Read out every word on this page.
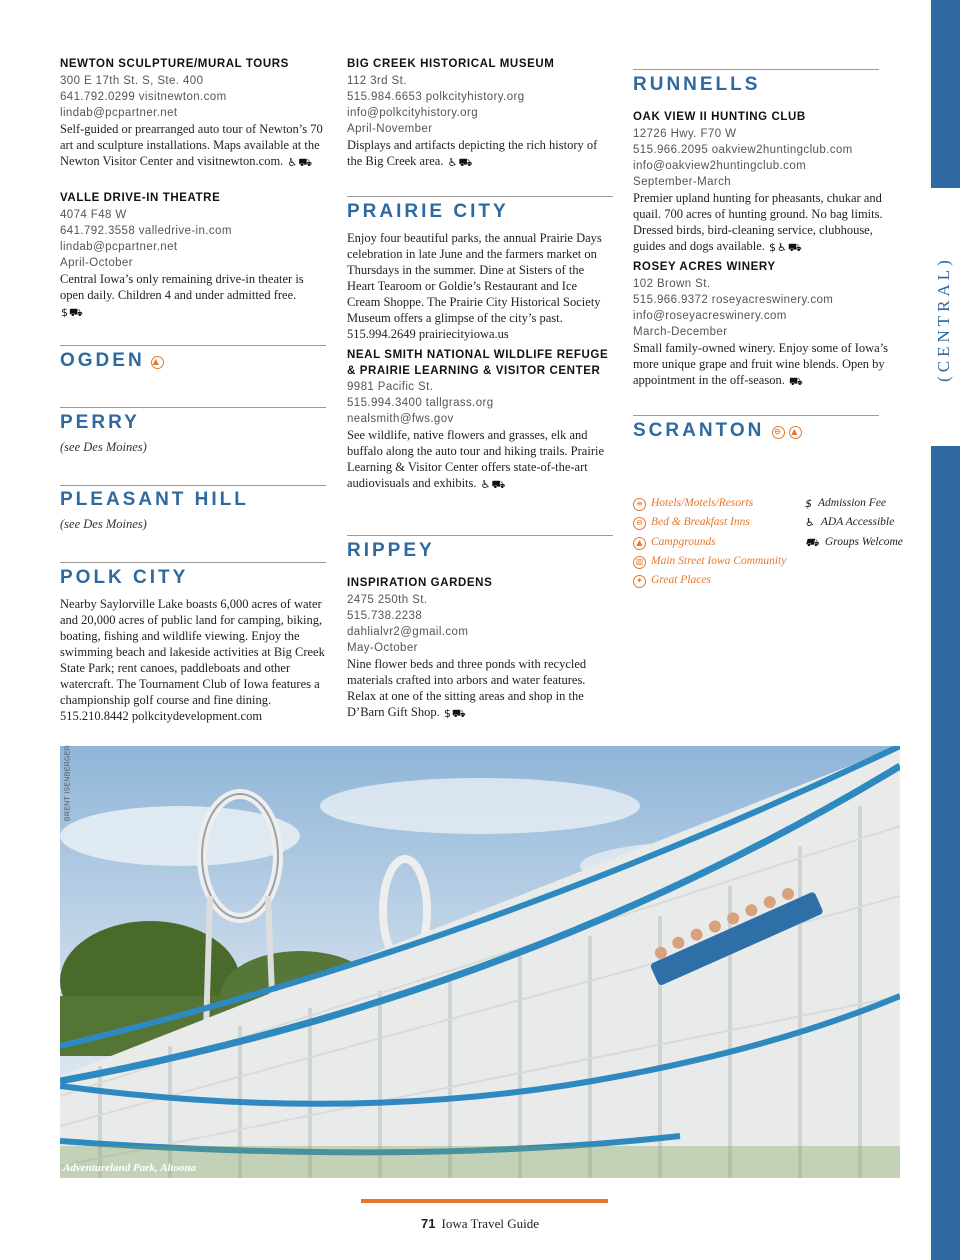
NEWTON SCULPTURE/MURAL TOURS

300 E 17th St. S, Ste. 400

641.792.0299 visitnewton.com

lindab@pcpartner.net

Self-guided or prearranged auto tour of Newton’s 70 art and sculpture installations. Maps available at the Newton Visitor Center and visitnewton.com. ♿⛟

VALLE DRIVE-IN THEATRE

4074 F48 W

641.792.3558 valledrive-in.com

lindab@pcpartner.net

April-October

Central Iowa’s only remaining drive-in theater is open daily. Children 4 and under admitted free.

$⛟

OGDEN ▲

PERRY

(see Des Moines)

PLEASANT HILL

(see Des Moines)

POLK CITY

Nearby Saylorville Lake boasts 6,000 acres of water and 20,000 acres of public land for camping, biking, boating, fishing and wildlife viewing. Enjoy the swimming beach and lakeside activities at Big Creek State Park; rent canoes, paddleboats and other watercraft. The Tournament Club of Iowa features a championship golf course and fine dining. 515.210.8442 polkcitydevelopment.com

BIG CREEK HISTORICAL MUSEUM

112 3rd St.

515.984.6653 polkcityhistory.org

info@polkcityhistory.org

April-November

Displays and artifacts depicting the rich history of the Big Creek area. ♿⛟

PRAIRIE CITY

Enjoy four beautiful parks, the annual Prairie Days celebration in late June and the farmers market on Thursdays in the summer. Dine at Sisters of the Heart Tearoom or Goldie’s Restaurant and Ice Cream Shoppe. The Prairie City Historical Society Museum offers a glimpse of the city’s past. 515.994.2649 prairiecityiowa.us

NEAL SMITH NATIONAL WILDLIFE REFUGE & PRAIRIE LEARNING & VISITOR CENTER

9981 Pacific St.

515.994.3400 tallgrass.org

nealsmith@fws.gov

See wildlife, native flowers and grasses, elk and buffalo along the auto tour and hiking trails. Prairie Learning & Visitor Center offers state-of-the-art audiovisuals and exhibits. ♿⛟

RIPPEY

INSPIRATION GARDENS

2475 250th St.

515.738.2238

dahlialvr2@gmail.com

May-October

Nine flower beds and three ponds with recycled materials crafted into arbors and water features. Relax at one of the sitting areas and shop in the D’Barn Gift Shop. $⛟

RUNNELLS

OAK VIEW II HUNTING CLUB

12726 Hwy. F70 W

515.966.2095 oakview2huntingclub.com

info@oakview2huntingclub.com

September-March

Premier upland hunting for pheasants, chukar and quail. 700 acres of hunting ground. No bag limits. Dressed birds, bird-cleaning service, clubhouse, guides and dogs available. $♿⛟

ROSEY ACRES WINERY

102 Brown St.

515.966.9372 roseyacreswinery.com

info@roseyacreswinery.com

March-December

Small family-owned winery. Enjoy some of Iowa’s more unique grape and fruit wine blends. Open by appointment in the off-season. ⛟

SCRANTON ⊖ ▲

≡ Hotels/Motels/Resorts
⊖ Bed & Breakfast Inns
▲ Campgrounds
▥ Main Street Iowa Community
✦ Great Places
$ Admission Fee
♿ ADA Accessible
⛟ Groups Welcome
(CENTRAL)
BRENT ISENBERGER
Adventureland Park, Altoona
71 Iowa Travel Guide
